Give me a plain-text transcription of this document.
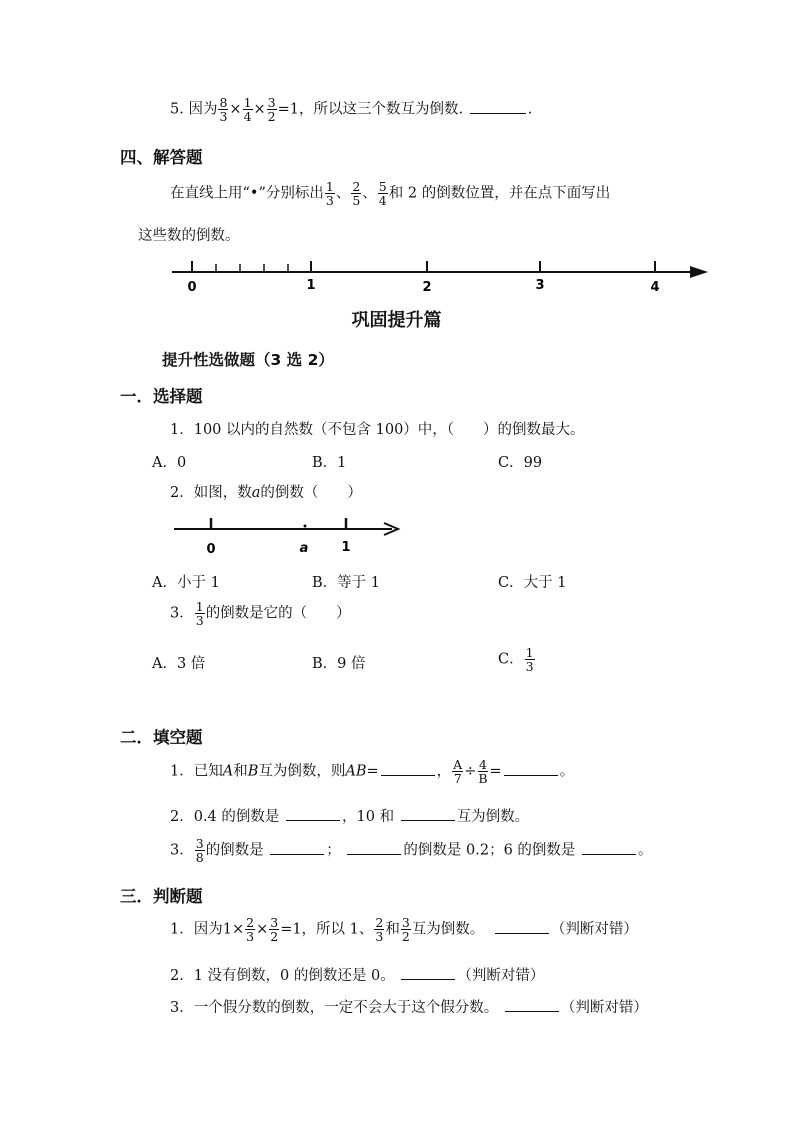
5. 因为 $\frac{8}{3} \times \frac{1}{4} \times \frac{3}{2} =1$，所以这三个数互为倒数.	.
四、解答题
在直线上用“•”分别标出 $\frac{1}{3}$ 、 $\frac{2}{5}$ 、 $\frac{5}{4}$ 和 2 的倒数位置，并在点下面写出
这些数的倒数。
0	1	2	3	4
巩固提升篇
提升性选做题（3 选 2）
一．选择题
1．100 以内的自然数（不包含 100）中，（　　）的倒数最大。
A．0	B．1	C．99
2．如图，数a的倒数（　　）
0	a	1
A．小于 1	B．等于 1	C．大于 1
3． $\frac{1}{3}$ 的倒数是它的（　　）
A．3 倍	B．9 倍	C． $\frac{1}{3}$
二．填空题
1．已知A和B互为倒数，则AB=	， $\frac{A}{7} \div \frac{4}{B}$ =	。
2．0.4 的倒数是	，10 和	互为倒数。
3． $\frac{3}{8}$ 的倒数是	；	的倒数是 0.2；6 的倒数是	。
三．判断题
1．因为$1\times \frac{2}{3} \times \frac{3}{2} =1$，所以 1、 $\frac{2}{3}$ 和 $\frac{3}{2}$ 互为倒数。	（判断对错）
2．1 没有倒数，0 的倒数还是 0。	（判断对错）
3．一个假分数的倒数，一定不会大于这个假分数。	（判断对错）
